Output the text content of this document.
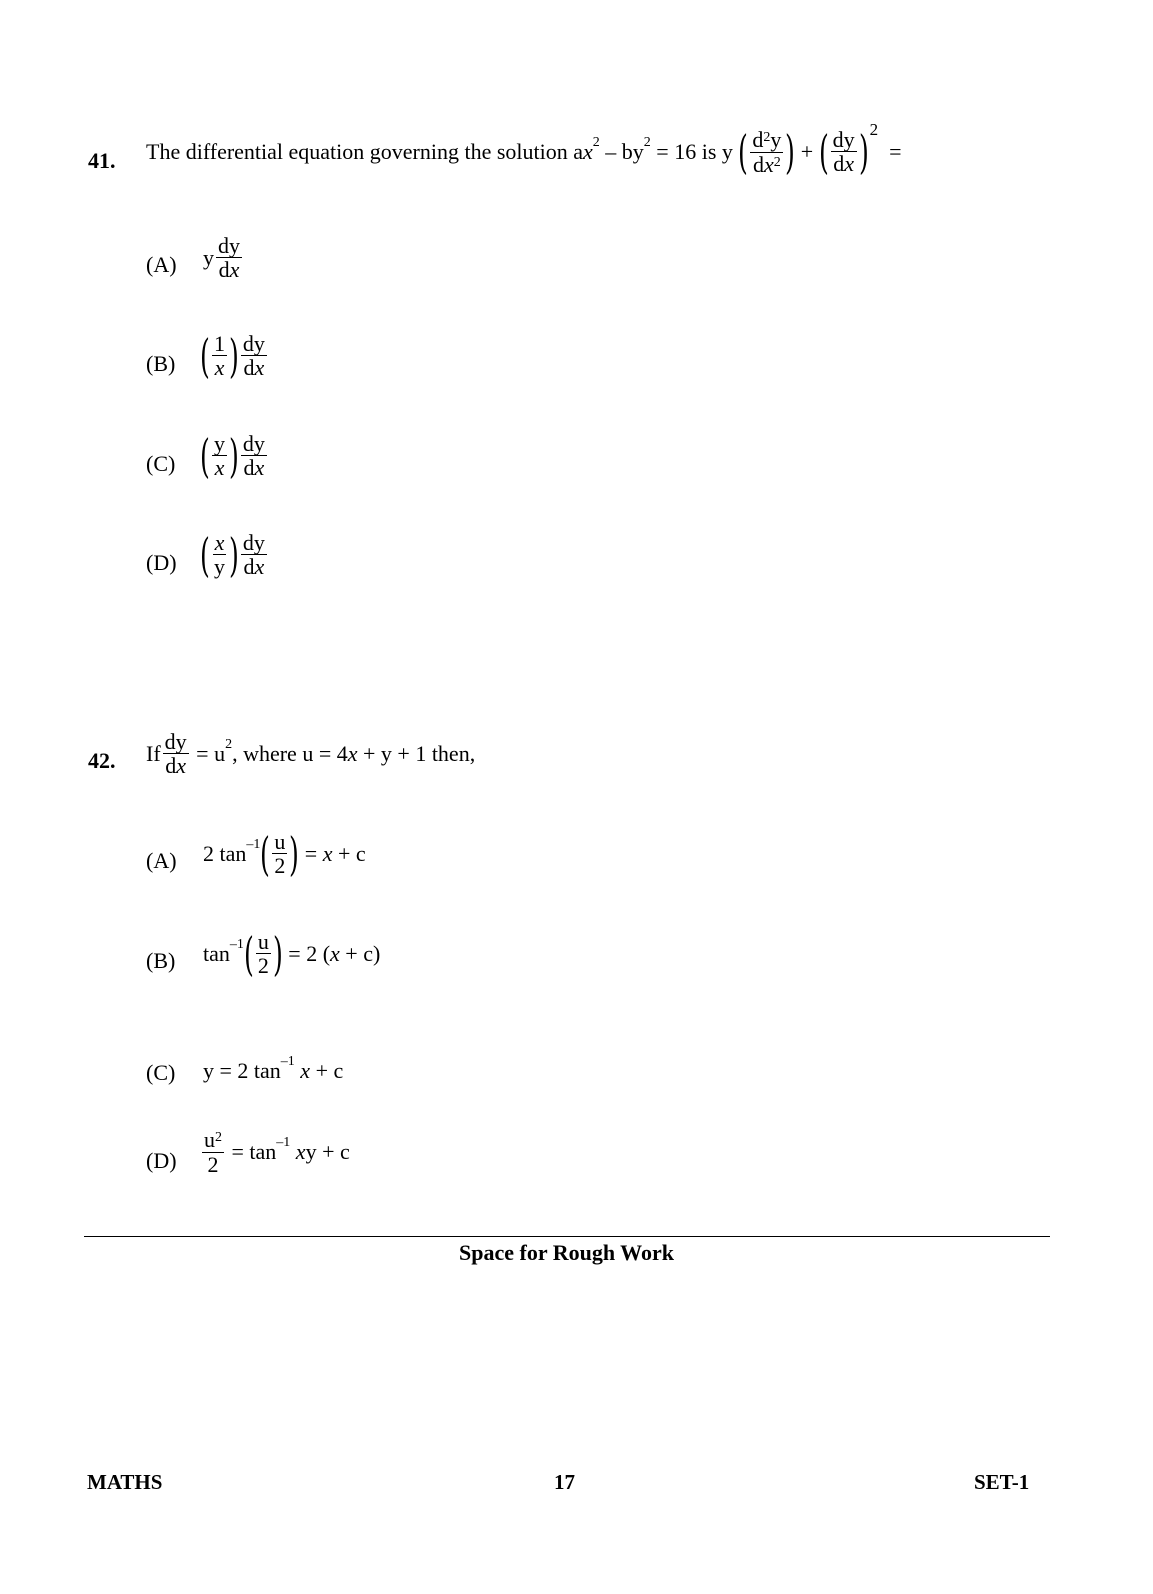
41. The differential equation governing the solution a x 2 – by 2 = 16 is y ( $\frac{d^2y}{dx^2}$ ) + ( $\frac{dy}{dx}$ ) 2
=
(A) y $\frac{dy}{dx}$
(B) ( $\frac{1}{x}$ ) $\frac{dy}{dx}$
(C) ( $\frac{y}{x}$ ) $\frac{dy}{dx}$
(D) ( $\frac{x}{y}$ ) $\frac{dy}{dx}$
42. If $\frac{dy}{dx} = u$ 2 , where u = 4 x + y + 1 then,
(A) 2 tan –1 ( $\frac{u}{2}$ ) = x + c
(B) tan –1 ( $\frac{u}{2}$ ) = 2 ( x + c)
(C) y = 2 tan –1
x + c
$(D) \frac{u^2}{2} = \tan -1$
x y + c
Space for Rough Work
MATHS	17	SET-1
